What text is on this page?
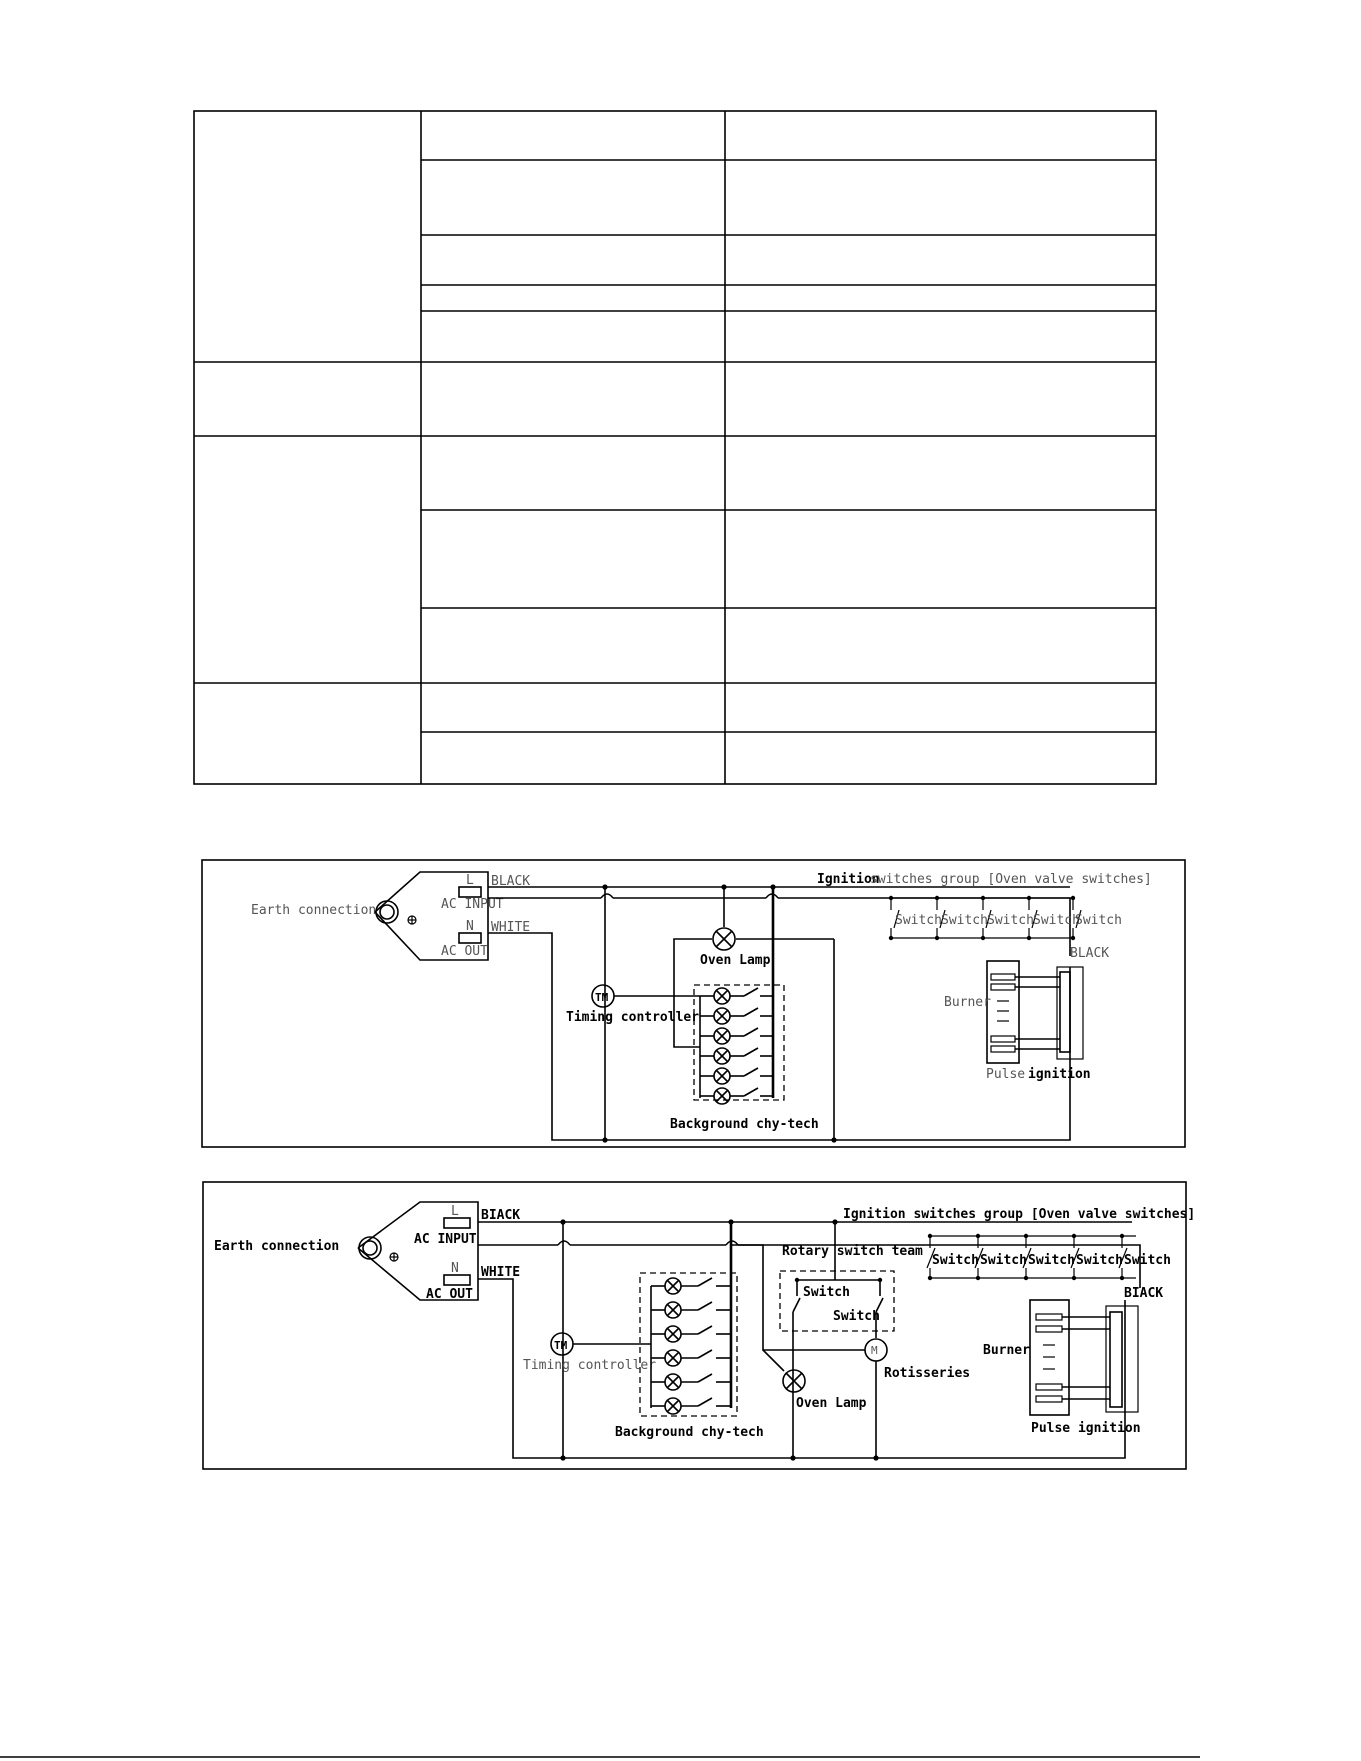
Earth connection
L
AC INPUT
N
AC OUT
BLACK
WHITE
Oven Lamp
TM
Timing controller
Background chy-tech
Ignition
switches group [Oven valve switches]
Switch Switch Switch Switch
Switch
BLACK
Burner
Pulse ignition
Earth connection
L
AC INPUT
N
AC OUT
BIACK
WHITE
TM
Timing controller
Background chy-tech
Rotary switch team
Switch
Switch
M
Rotisseries
Oven Lamp
Ignition switches group [Oven valve switches]
Switch Switch Switch Switch Switch
BIACK
Burner
Pulse ignition
